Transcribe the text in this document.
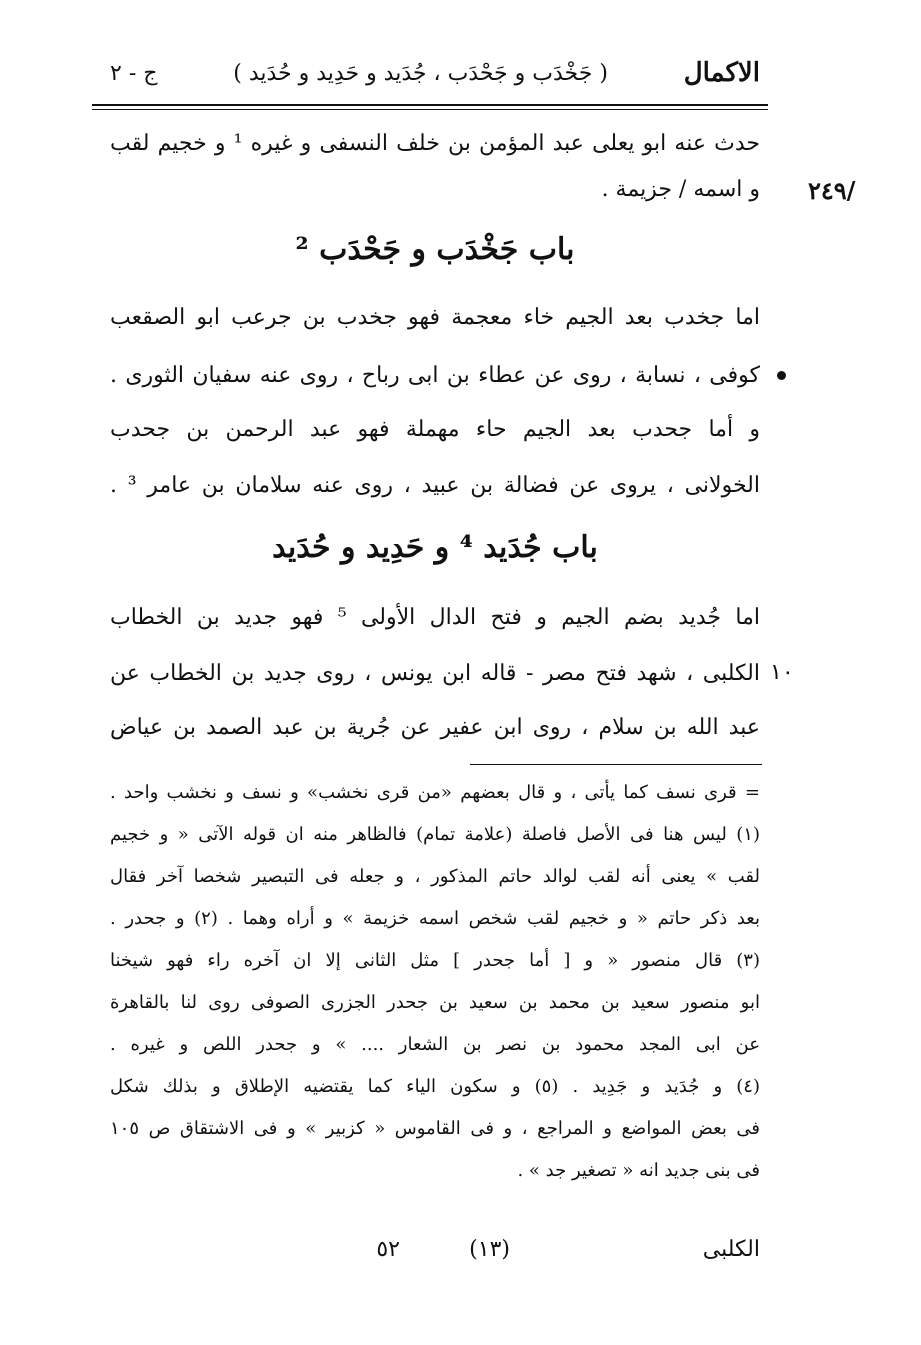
الاكمال
( جَخْدَب و جَحْدَب ، جُدَيد و حَدِيد و حُدَيد )
ج - ٢
/٢٤٩
حدث عنه ابو يعلى عبد المؤمن بن خلف النسفى و غيره ¹ و خجيم لقب
و اسمه / جزيمة .
باب جَخْدَب و جَحْدَب ²
اما جخدب بعد الجيم خاء معجمة فهو جخدب بن جرعب ابو الصقعب
كوفى ، نسابة ، روى عن عطاء بن ابى رباح ، روى عنه سفيان الثورى .
و أما جحدب بعد الجيم حاء مهملة فهو عبد الرحمن بن جحدب
الخولانى ، يروى عن فضالة بن عبيد ، روى عنه سلامان بن عامر ³ .
باب جُدَيد ⁴ و حَدِيد و حُدَيد
اما جُديد بضم الجيم و فتح الدال الأولى ⁵ فهو جديد بن الخطاب
١٠
الكلبى ، شهد فتح مصر - قاله ابن يونس ، روى جديد بن الخطاب عن
عبد الله بن سلام ، روى ابن عفير عن جُرية بن عبد الصمد بن عياض
= قرى نسف كما يأتى ، و قال بعضهم «من قرى نخشب» و نسف و نخشب واحد .
(١) ليس هنا فى الأصل فاصلة (علامة تمام) فالظاهر منه ان قوله الآتى « و خجيم
لقب » يعنى أنه لقب لوالد حاتم المذكور ، و جعله فى التبصير شخصا آخر فقال
بعد ذكر حاتم « و خجيم لقب شخص اسمه خزيمة » و أراه وهما . (٢) و جحدر .
(٣) قال منصور « و [ أما جحدر ] مثل الثانى إلا ان آخره راء فهو شيخنا
ابو منصور سعيد بن محمد بن سعيد بن جحدر الجزرى الصوفى روى لنا بالقاهرة
عن ابى المجد محمود بن نصر بن الشعار .... » و جحدر اللص و غيره .
(٤) و جُدَيد و جَدِيد . (٥) و سكون الياء كما يقتضيه الإطلاق و بذلك شكل
فى بعض المواضع و المراجع ، و فى القاموس « كزبير » و فى الاشتقاق ص ١٠٥
فى بنى جديد انه « تصغير جد » .
الكلبى
(١٣)
٥٢
